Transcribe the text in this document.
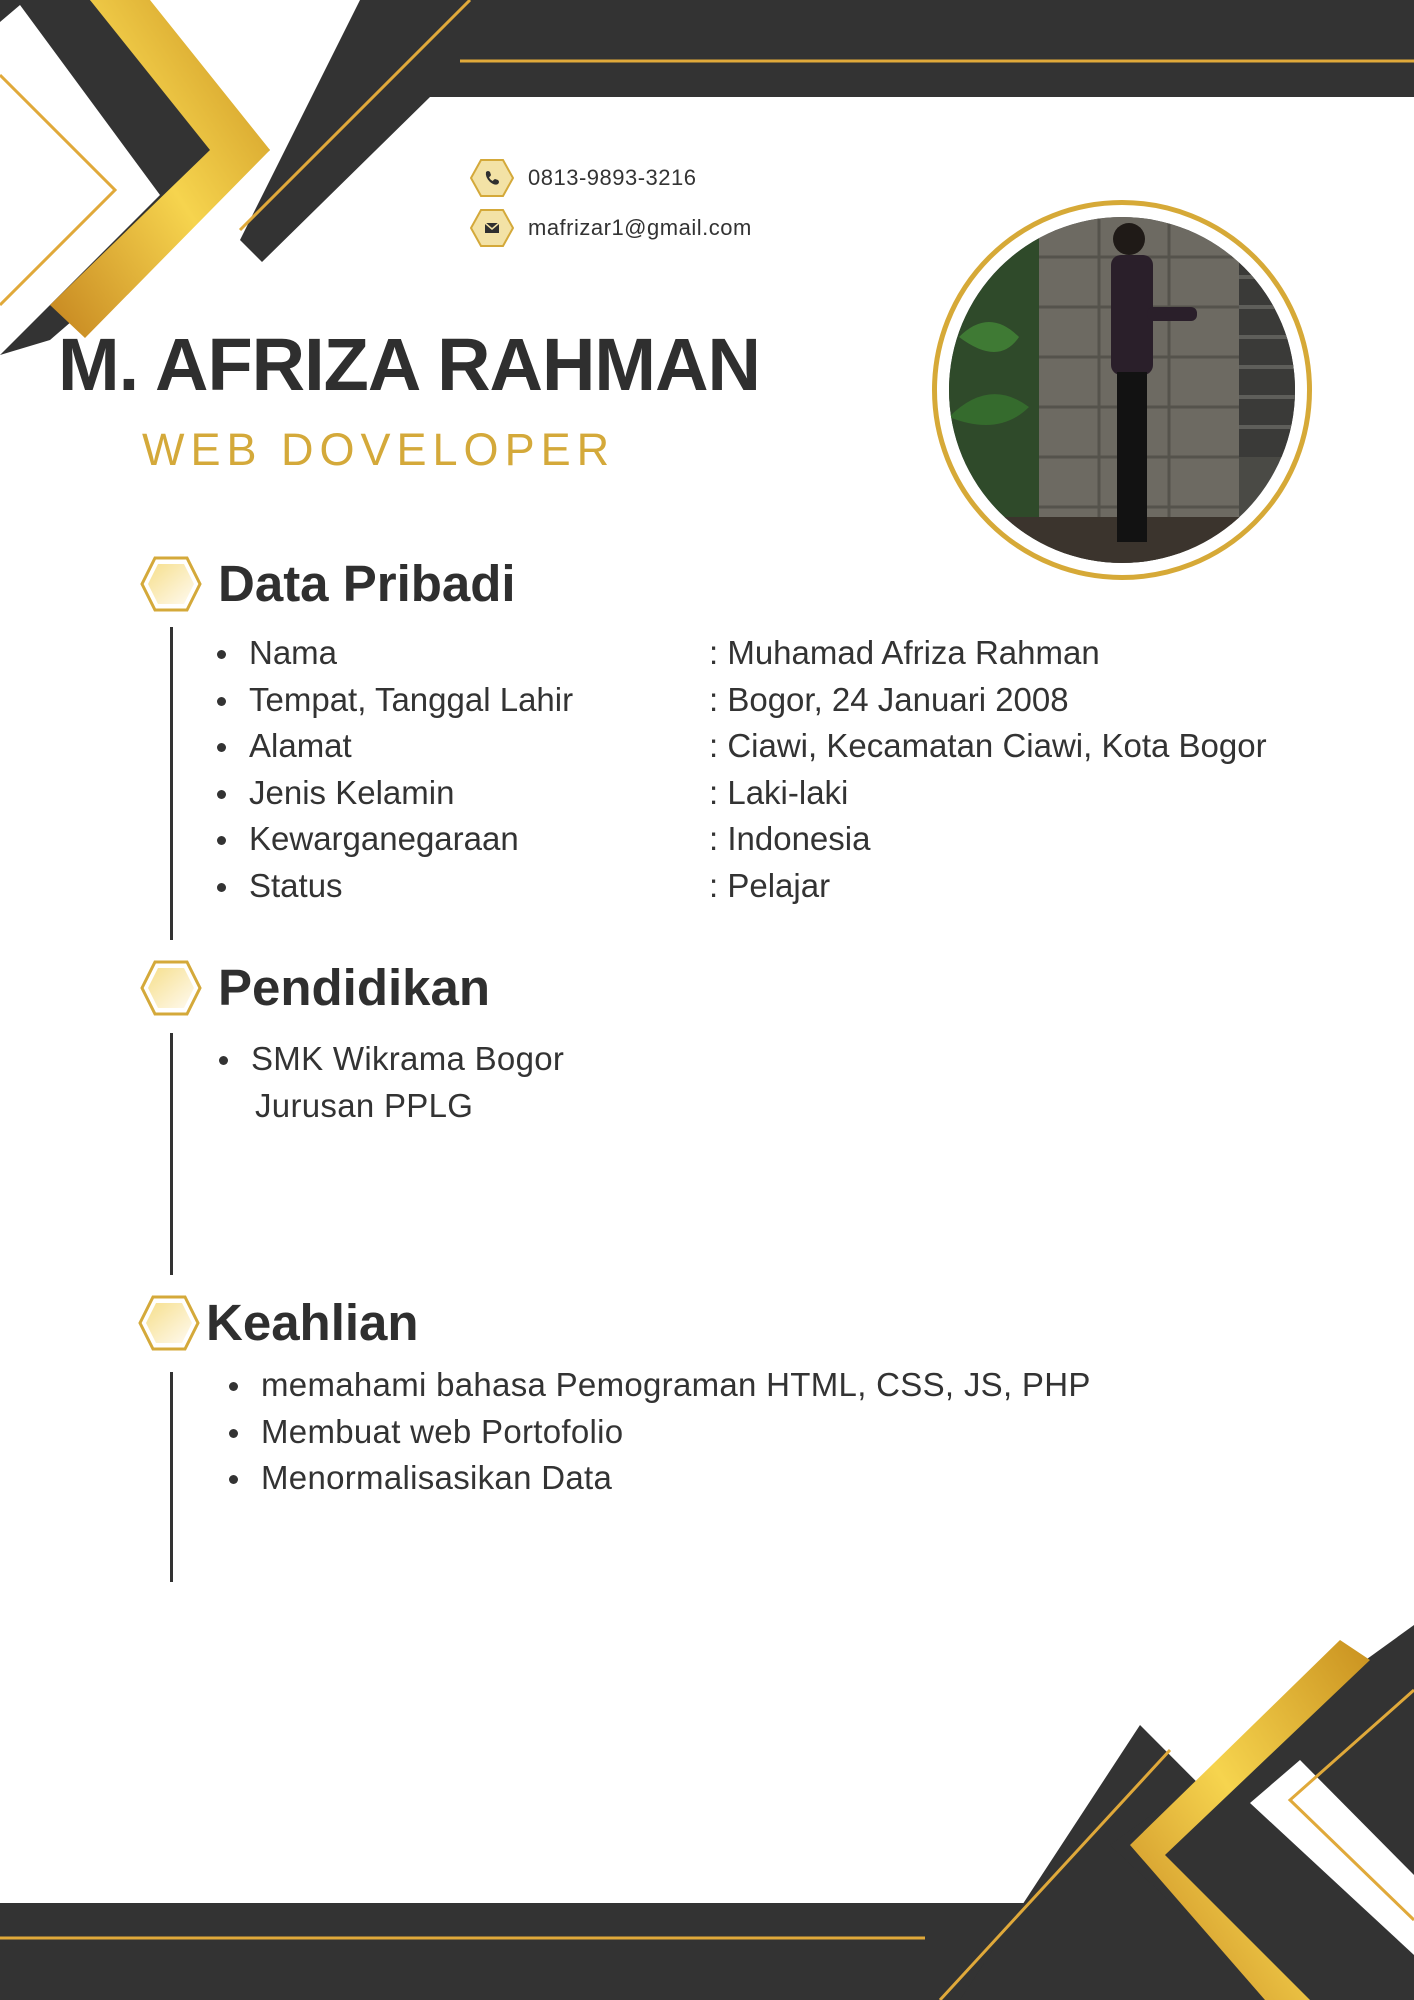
0813-9893-3216
mafrizar1@gmail.com
M. AFRIZA RAHMAN
WEB DOVELOPER
Data Pribadi
Nama	: Muhamad Afriza Rahman
Tempat, Tanggal Lahir	: Bogor, 24 Januari 2008
Alamat	: Ciawi, Kecamatan Ciawi, Kota Bogor
Jenis Kelamin	: Laki-laki
Kewarganegaraan	: Indonesia
Status	: Pelajar
Pendidikan
SMK Wikrama Bogor
Jurusan PPLG
Keahlian
memahami bahasa Pemograman HTML, CSS, JS, PHP
Membuat web Portofolio
Menormalisasikan Data
